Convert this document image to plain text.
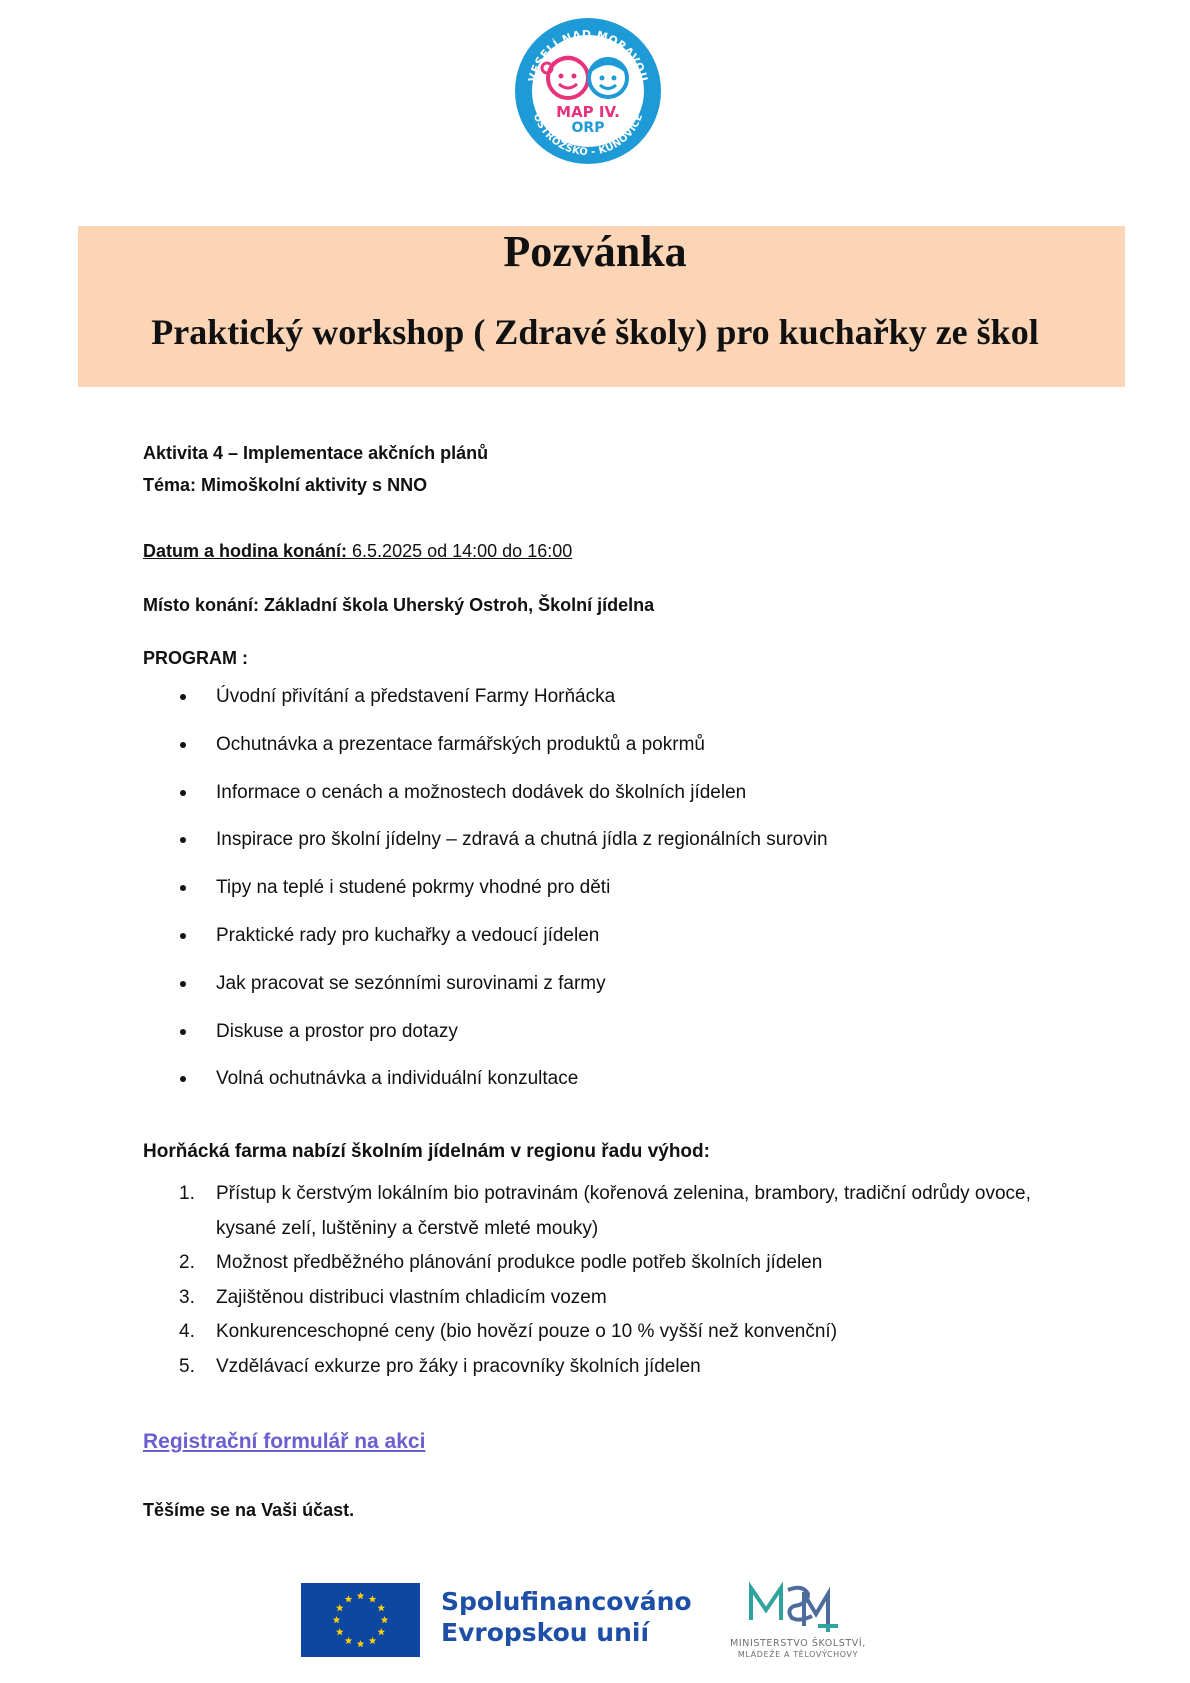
VESELÍ NAD MORAVOU
OSTROŽSKO - KUNOVICE
MAP IV.
ORP
Pozvánka
Praktický workshop ( Zdravé školy) pro kuchařky ze škol
Aktivita 4 – Implementace akčních plánů
Téma: Mimoškolní aktivity s NNO
Datum a hodina konání: 6.5.2025 od 14:00 do 16:00
Místo konání: Základní škola Uherský Ostroh, Školní jídelna
PROGRAM :
Úvodní přivítání a představení Farmy Horňácka
Ochutnávka a prezentace farmářských produktů a pokrmů
Informace o cenách a možnostech dodávek do školních jídelen
Inspirace pro školní jídelny – zdravá a chutná jídla z regionálních surovin
Tipy na teplé i studené pokrmy vhodné pro děti
Praktické rady pro kuchařky a vedoucí jídelen
Jak pracovat se sezónními surovinami z farmy
Diskuse a prostor pro dotazy
Volná ochutnávka a individuální konzultace
Horňácká farma nabízí školním jídelnám v regionu řadu výhod:
1. Přístup k čerstvým lokálním bio potravinám (kořenová zelenina, brambory, tradiční odrůdy ovoce, kysané zelí, luštěniny a čerstvě mleté mouky)
2. Možnost předběžného plánování produkce podle potřeb školních jídelen
3. Zajištěnou distribuci vlastním chladicím vozem
4. Konkurenceschopné ceny (bio hovězí pouze o 10 % vyšší než konvenční)
5. Vzdělávací exkurze pro žáky i pracovníky školních jídelen
Registrační formulář na akci
Těšíme se na Vaši účast.
Spolufinancováno
Evropskou unií	MINISTERSTVO ŠKOLSTVÍ,
MLÁDEŽE A TĚLOVÝCHOVY
